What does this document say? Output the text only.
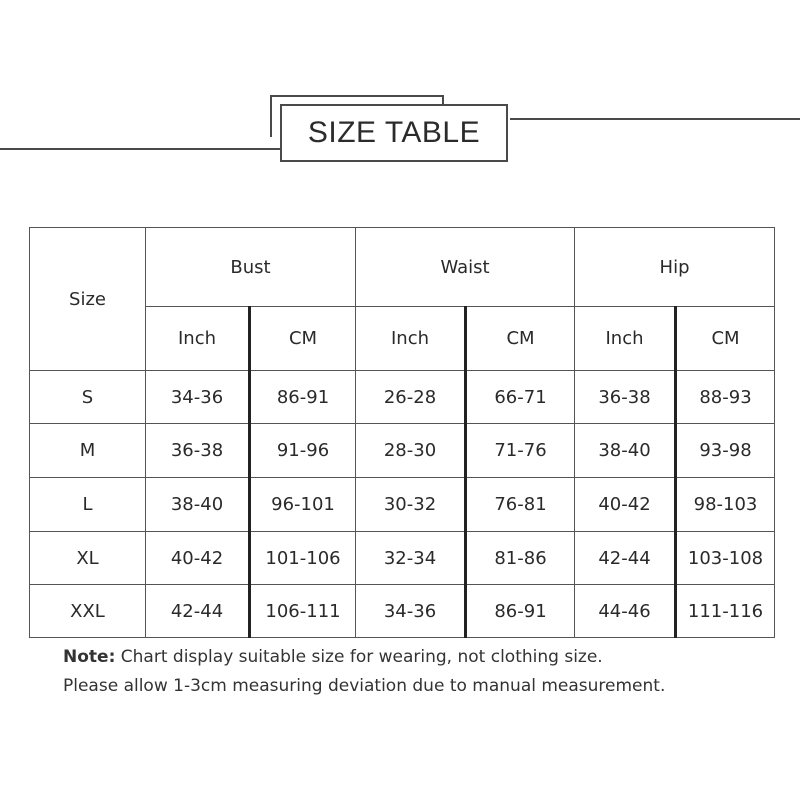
SIZE TABLE
Size	Bust		Waist		Hip	
	Inch	CM	Inch	CM	Inch	CM
S	34-36	86-91	26-28	66-71	36-38	88-93
M	36-38	91-96	28-30	71-76	38-40	93-98
L	38-40	96-101	30-32	76-81	40-42	98-103
XL	40-42	101-106	32-34	81-86	42-44	103-108
XXL	42-44	106-111	34-36	86-91	44-46	111-116
Note: Chart display suitable size for wearing, not clothing size.
Please allow 1-3cm measuring deviation due to manual measurement.
